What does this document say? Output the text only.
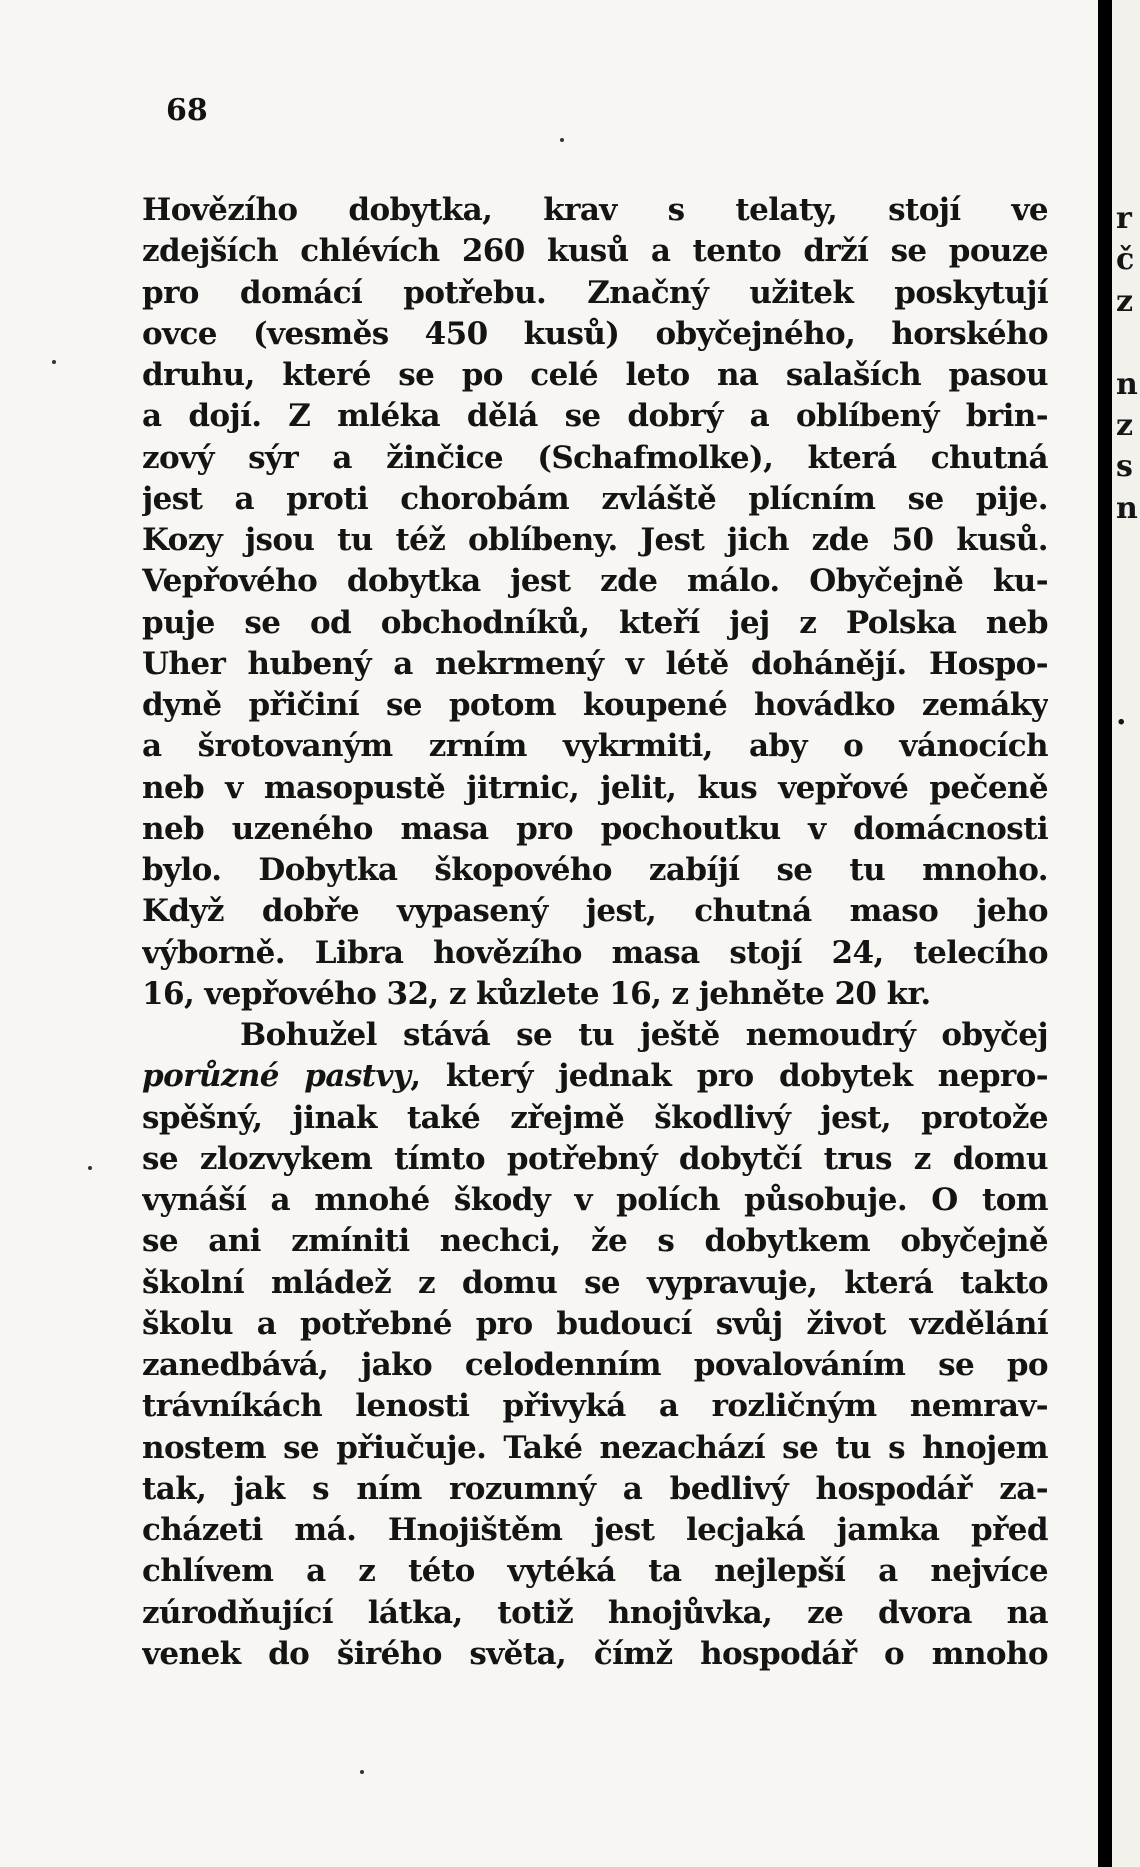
68
Hovězího dobytka, krav s telaty, stojí ve
zdejších chlévích 260 kusů a tento drží se pouze
pro domácí potřebu. Značný užitek poskytují
ovce (vesměs 450 kusů) obyčejného, horského
druhu, které se po celé leto na salaších pasou
a dojí. Z mléka dělá se dobrý a oblíbený brin-
zový sýr a žinčice (Schafmolke), která chutná
jest a proti chorobám zvláště plícním se pije.
Kozy jsou tu též oblíbeny. Jest jich zde 50 kusů.
Vepřového dobytka jest zde málo. Obyčejně ku-
puje se od obchodníků, kteří jej z Polska neb
Uher hubený a nekrmený v létě dohánějí. Hospo-
dyně přičiní se potom koupené hovádko zemáky
a šrotovaným zrním vykrmiti, aby o vánocích
neb v masopustě jitrnic, jelit, kus vepřové pečeně
neb uzeného masa pro pochoutku v domácnosti
bylo. Dobytka škopového zabíjí se tu mnoho.
Když dobře vypasený jest, chutná maso jeho
výborně. Libra hovězího masa stojí 24, telecího
16, vepřového 32, z kůzlete 16, z jehněte 20 kr.
Bohužel stává se tu ještě nemoudrý obyčej
porůzné pastvy, který jednak pro dobytek nepro-
spěšný, jinak také zřejmě škodlivý jest, protože
se zlozvykem tímto potřebný dobytčí trus z domu
vynáší a mnohé škody v polích působuje. O tom
se ani zmíniti nechci, že s dobytkem obyčejně
školní mládež z domu se vypravuje, která takto
školu a potřebné pro budoucí svůj život vzdělání
zanedbává, jako celodenním povalováním se po
trávníkách lenosti přivyká a rozličným nemrav-
nostem se přiučuje. Také nezachází se tu s hnojem
tak, jak s ním rozumný a bedlivý hospodář za-
cházeti má. Hnojištěm jest lecjaká jamka před
chlívem a z této vytéká ta nejlepší a nejvíce
zúrodňující látka, totiž hnojůvka, ze dvora na
venek do širého světa, čímž hospodář o mnoho
r
č
z
n
z
s
n
.
